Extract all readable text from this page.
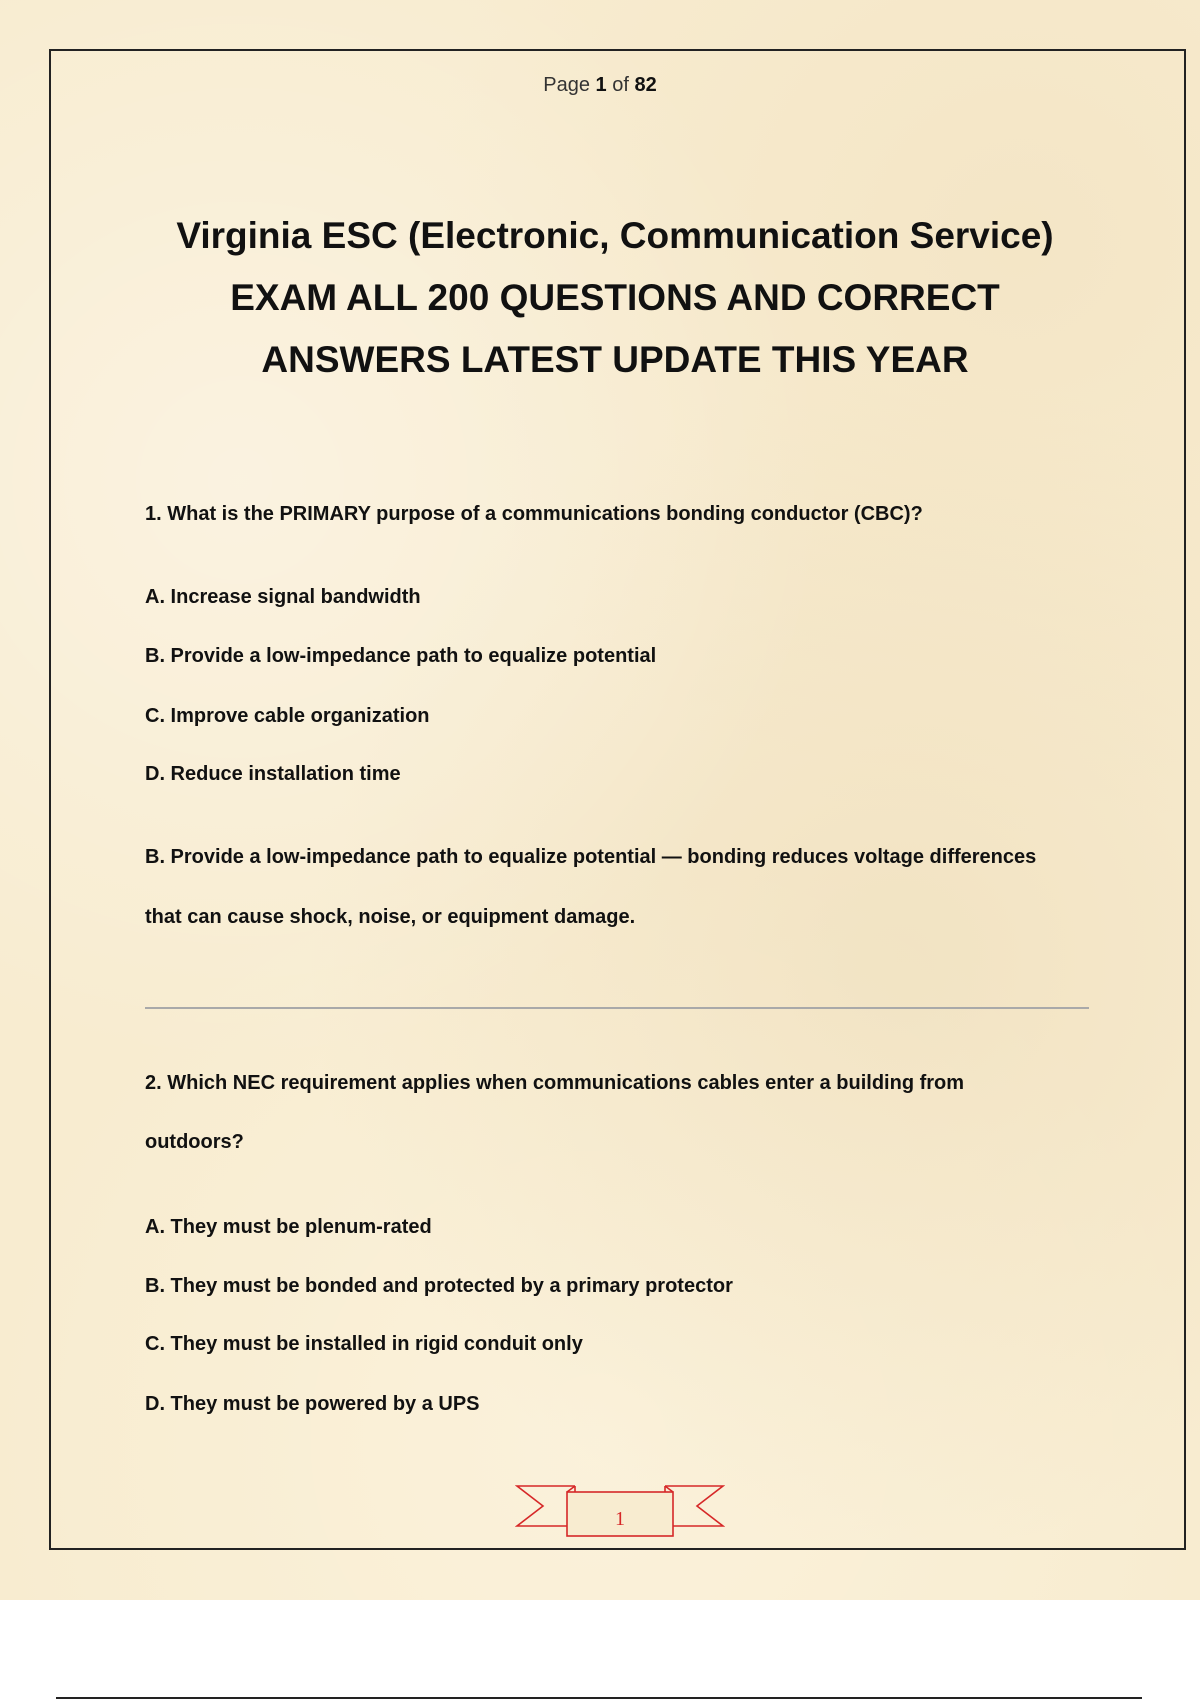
Page 1 of 82
Virginia ESC (Electronic, Communication Service)
EXAM ALL 200 QUESTIONS AND CORRECT
ANSWERS LATEST UPDATE THIS YEAR
1. What is the PRIMARY purpose of a communications bonding conductor (CBC)?
A. Increase signal bandwidth
B. Provide a low-impedance path to equalize potential
C. Improve cable organization
D. Reduce installation time
B. Provide a low-impedance path to equalize potential — bonding reduces voltage differences
that can cause shock, noise, or equipment damage.
2. Which NEC requirement applies when communications cables enter a building from
outdoors?
A. They must be plenum-rated
B. They must be bonded and protected by a primary protector
C. They must be installed in rigid conduit only
D. They must be powered by a UPS
1
